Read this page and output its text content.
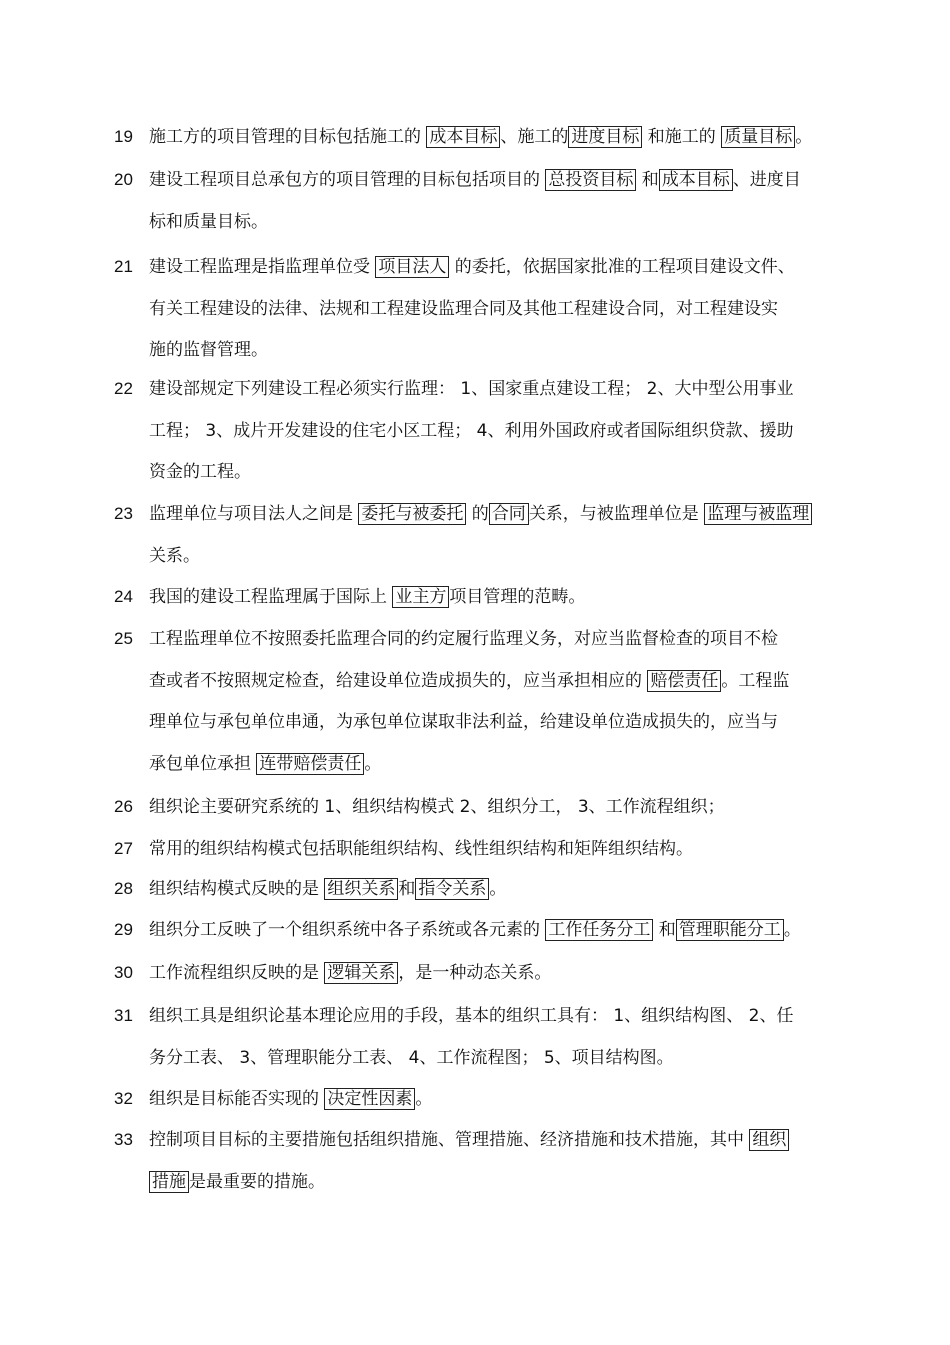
19 施工方的项目管理的目标包括施工的 成本目标 、施工的 进度目标 和施工的 质量目标 。
20 建设工程项目总承包方的项目管理的目标包括项目的 总投资目标 和 成本目标 、进度目
标和质量目标。
21 建设工程监理是指监理单位受 项目法人 的委托，依据国家批准的工程项目建设文件、
有关工程建设的法律、法规和工程建设监理合同及其他工程建设合同，对工程建设实
施的监督管理。
22 建设部规定下列建设工程必须实行监理： 1、国家重点建设工程； 2、大中型公用事业
工程； 3、成片开发建设的住宅小区工程； 4、利用外国政府或者国际组织贷款、援助
资金的工程。
23 监理单位与项目法人之间是 委托与被委托 的 合同 关系，与被监理单位是 监理与被监理
关系。
24 我国的建设工程监理属于国际上 业主方 项目管理的范畴。
25 工程监理单位不按照委托监理合同的约定履行监理义务，对应当监督检查的项目不检
查或者不按照规定检查，给建设单位造成损失的，应当承担相应的 赔偿责任 。工程监
理单位与承包单位串通，为承包单位谋取非法利益，给建设单位造成损失的，应当与
承包单位承担 连带赔偿责任 。
26 组织论主要研究系统的 1、组织结构模式 2、组织分工， 3、工作流程组织；
27 常用的组织结构模式包括职能组织结构、线性组织结构和矩阵组织结构。
28 组织结构模式反映的是 组织关系 和 指令关系 。
29 组织分工反映了一个组织系统中各子系统或各元素的 工作任务分工 和 管理职能分工 。
30 工作流程组织反映的是 逻辑关系 ，是一种动态关系。
31 组织工具是组织论基本理论应用的手段，基本的组织工具有： 1、组织结构图、 2、任
务分工表、 3、管理职能分工表、 4、工作流程图； 5、项目结构图。
32 组织是目标能否实现的 决定性因素 。
33 控制项目目标的主要措施包括组织措施、管理措施、经济措施和技术措施，其中 组织
措施 是最重要的措施。
